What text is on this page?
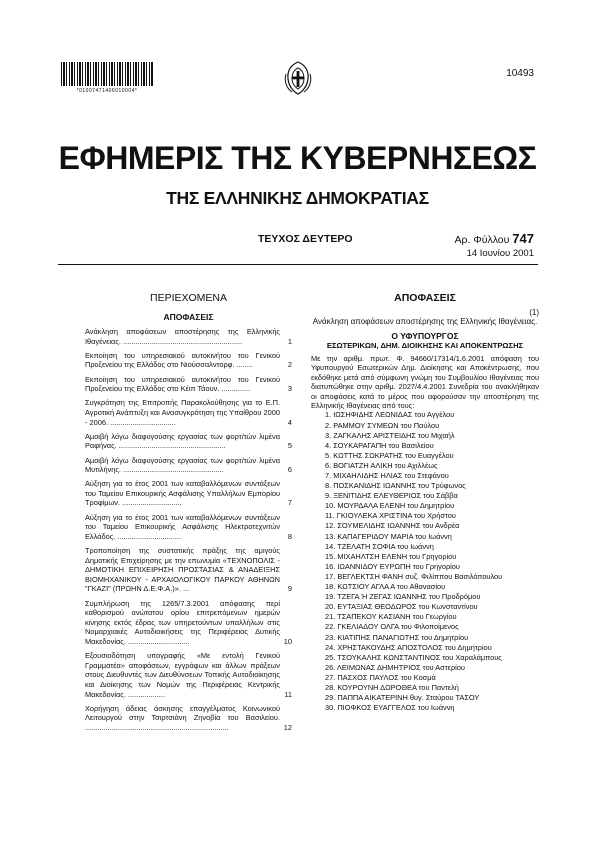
*01007471406010004*
10493
ΕΦΗΜΕΡΙΣ ΤΗΣ ΚΥΒΕΡΝΗΣΕΩΣ
ΤΗΣ ΕΛΛΗΝΙΚΗΣ ΔΗΜΟΚΡΑΤΙΑΣ
ΤΕΥΧΟΣ ΔΕΥΤΕΡΟ	Αρ. Φύλλου 747
14 Ιουνίου 2001
ΠΕΡΙΕΧΟΜΕΝΑ
ΑΠΟΦΑΣΕΙΣ
Ανάκληση αποφάσεων αποστέρησης της Ελληνικής Ιθαγένειας. ..........................................................	1
Εκποίηση του υπηρεσιακού αυτοκινήτου του Γενικού Προξενείου της Ελλάδος στο Νιούσσαλντορφ. ........	2
Εκποίηση του υπηρεσιακού αυτοκινήτου του Γενικού Προξενείου της Ελλάδος στο Κέιπ Τάουν. ..............	3
Συγκρότηση της Επιτροπής Παρακολούθησης για το Ε.Π. Αγροτική Ανάπτυξη και Ανασυγκρότηση της Υπαίθρου 2000 - 2006. ................................	4
Αμοιβή λόγω διαφυγούσης εργασίας των φορτ/τών λιμένα Ραφήνας. ....................................................	5
Αμοιβή λόγω διαφυγούσης εργασίας των φορτ/τών λιμένα Μυτιλήνης. .................................................	6
Αύξηση για το έτος 2001 των καταβαλλόμενων συντάξεων του Ταμείου Επικουρικής Ασφάλισης Υπαλλήλων Εμπορίου Τροφίμων. .............................	7
Αύξηση για το έτος 2001 των καταβαλλόμενων συντάξεων του Ταμείου Επικουρικής Ασφάλισης Ηλεκτροτεχνιτών Ελλάδος. ...............................	8
Τροποποίηση της συστατικής πράξης της αμιγούς Δημοτικής Επιχείρησης με την επωνυμία «ΤΕΧΝΟΠΟΛΙΣ - ΔΗΜΟΤΙΚΗ ΕΠΙΧΕΙΡΗΣΗ ΠΡΟΣΤΑΣΙΑΣ & ΑΝΑΔΕΙΞΗΣ ΒΙΟΜΗΧΑΝΙΚΟΥ - ΑΡΧΑΙΟΛΟΓΙΚΟΥ ΠΑΡΚΟΥ ΑΘΗΝΩΝ "ΓΚΑΖΙ" (ΠΡΩΗΝ Δ.Ε.Φ.Α.)». ...	9
Συμπλήρωση της 1265/7.3.2001 απόφασης περί καθορισμού ανώτατου ορίου επιτρεπόμενων ημερών κίνησης εκτός έδρας των υπηρετούντων υπαλλήλων στις Νομαρχιακές Αυτοδιοικήσεις της Περιφέρειας Δυτικής Μακεδονίας. ..............................	10
Εξουσιοδότηση υπογραφής «Με εντολή Γενικού Γραμματέα» αποφάσεων, εγγράφων και άλλων πράξεων στους Διευθυντές των Διευθύνσεων Τοπικής Αυτοδιοίκησης και Διοίκησης των Νομών της Περιφέρειας Κεντρικής Μακεδονίας. ..................	11
Χορήγηση άδειας άσκησης επαγγέλματος Κοινωνικού Λειτουργού στην Τσιρτσιάνη Ζηνοβία του Βασιλείου. ......................................................................	12
ΑΠΟΦΑΣΕΙΣ
(1)
Ανάκληση αποφάσεων αποστέρησης της Ελληνικής Ιθαγένειας.
Ο ΥΦΥΠΟΥΡΓΟΣ
ΕΣΩΤΕΡΙΚΩΝ, ΔΗΜ. ΔΙΟΙΚΗΣΗΣ ΚΑΙ ΑΠΟΚΕΝΤΡΩΣΗΣ
Με την αριθμ. πρωτ. Φ. 94660/17314/1.6.2001 απόφαση του Υφυπουργού Εσωτερικών Δημ. Διοίκησης και Αποκέντρωσης, που εκδόθηκε μετά από σύμφωνη γνώμη του Συμβουλίου Ιθαγένειας που διατυπώθηκε στην αριθμ. 2027/4.4.2001 Συνεδρία του ανακλήθηκαν οι αποφάσεις κατά το μέρος που αφορούσαν την αποστέρηση της Ελληνικής Ιθαγένειας από τους:
1. ΙΩΣΗΦΙΔΗΣ ΛΕΩΝΙΔΑΣ του Αγγέλου
2. ΡΑΜΜΟΥ ΣΥΜΕΩΝ του Παύλου
3. ΖΑΓΚΑΛΗΣ ΑΡΙΣΤΕΙΔΗΣ του Μιχαήλ
4. ΣΟΥΚΑΡΑΓΑΠΗ του Βασιλείου
5. ΚΩΤΤΗΣ ΣΩΚΡΑΤΗΣ του Ευαγγέλου
6. ΒΟΓΙΑΤΖΗ ΑΛΙΚΗ του Αχιλλέως
7. ΜΙΧΑΗΛΙΔΗΣ ΗΛΙΑΣ του Στεφάνου
8. ΠΟΣΚΑΝΙΔΗΣ ΙΩΑΝΝΗΣ του Τρύφωνος
9. ΞΕΝΙΤΙΔΗΣ ΕΛΕΥΘΕΡΙΟΣ του Σάββα
10. ΜΟΥΡΔΑΛΑ ΕΛΕΝΗ του Δημητρίου
11. ΓΚΙΟΥΛΕΚΑ ΧΡΙΣΤΙΝΑ του Χρήστου
12. ΣΟΥΜΕΛΙΔΗΣ ΙΩΑΝΝΗΣ του Ανδρέα
13. ΚΑΠΑΓΕΡΙΔΟΥ ΜΑΡΙΑ του Ιωάννη
14. ΤΖΕΛΑΤΗ ΣΟΦΙΑ του Ιωάννη
15. ΜΙΧΑΗΛΤΣΗ ΕΛΕΝΗ του Γρηγορίου
16. ΙΩΑΝΝΙΔΟΥ ΕΥΡΩΠΗ του Γρηγορίου
17. ΒΕΓΛΕΚΤΣΗ ΦΑΝΗ συζ. Φιλίππου Βασιλόπουλου
18. ΚΩΤΣΙΟΥ ΑΓΛΑ Α του Αθανασίου
19. ΤΖΕΓΑ Ή ΖΕΓΑΣ ΙΩΑΝΝΗΣ του Προδρόμου
20. ΕΥΤΑΞΙΑΣ ΘΕΟΔΩΡΟΣ του Κωνσταντίνου
21. ΤΣΑΠΕΚΟΥ ΚΑΣΙΑΝΗ του Γεωργίου
22. ΓΚΕΛΙΑΔΟΥ ΟΛΓΑ του Φιλοποίμενος
23. ΚΙΑΤΙΠΗΣ ΠΑΝΑΓΙΩΤΗΣ του Δημητρίου
24. ΧΡΗΣΤΑΚΟΥΔΗΣ ΑΠΟΣΤΟΛΟΣ του Δημητρίου
25. ΤΣΟΥΚΑΛΗΣ ΚΩΝΣΤΑΝΤΙΝΟΣ του Χαραλάμπους
26. ΛΕΙΜΩΝΑΣ ΔΗΜΗΤΡΙΟΣ του Αστερίου
27. ΠΑΣΧΟΣ ΠΑΥΛΟΣ του Κοσμά
28. ΚΟΥΡΟΥΝΗ ΔΩΡΟΘΕΑ του Παντελή
29. ΠΑΠΠΑ ΑΙΚΑΤΕΡΙΝΗ θυγ. Σταύρου ΤΑΣΟΥ
30. ΠΙΟΦΚΟΣ ΕΥΑΓΓΕΛΟΣ του Ιωάννη
